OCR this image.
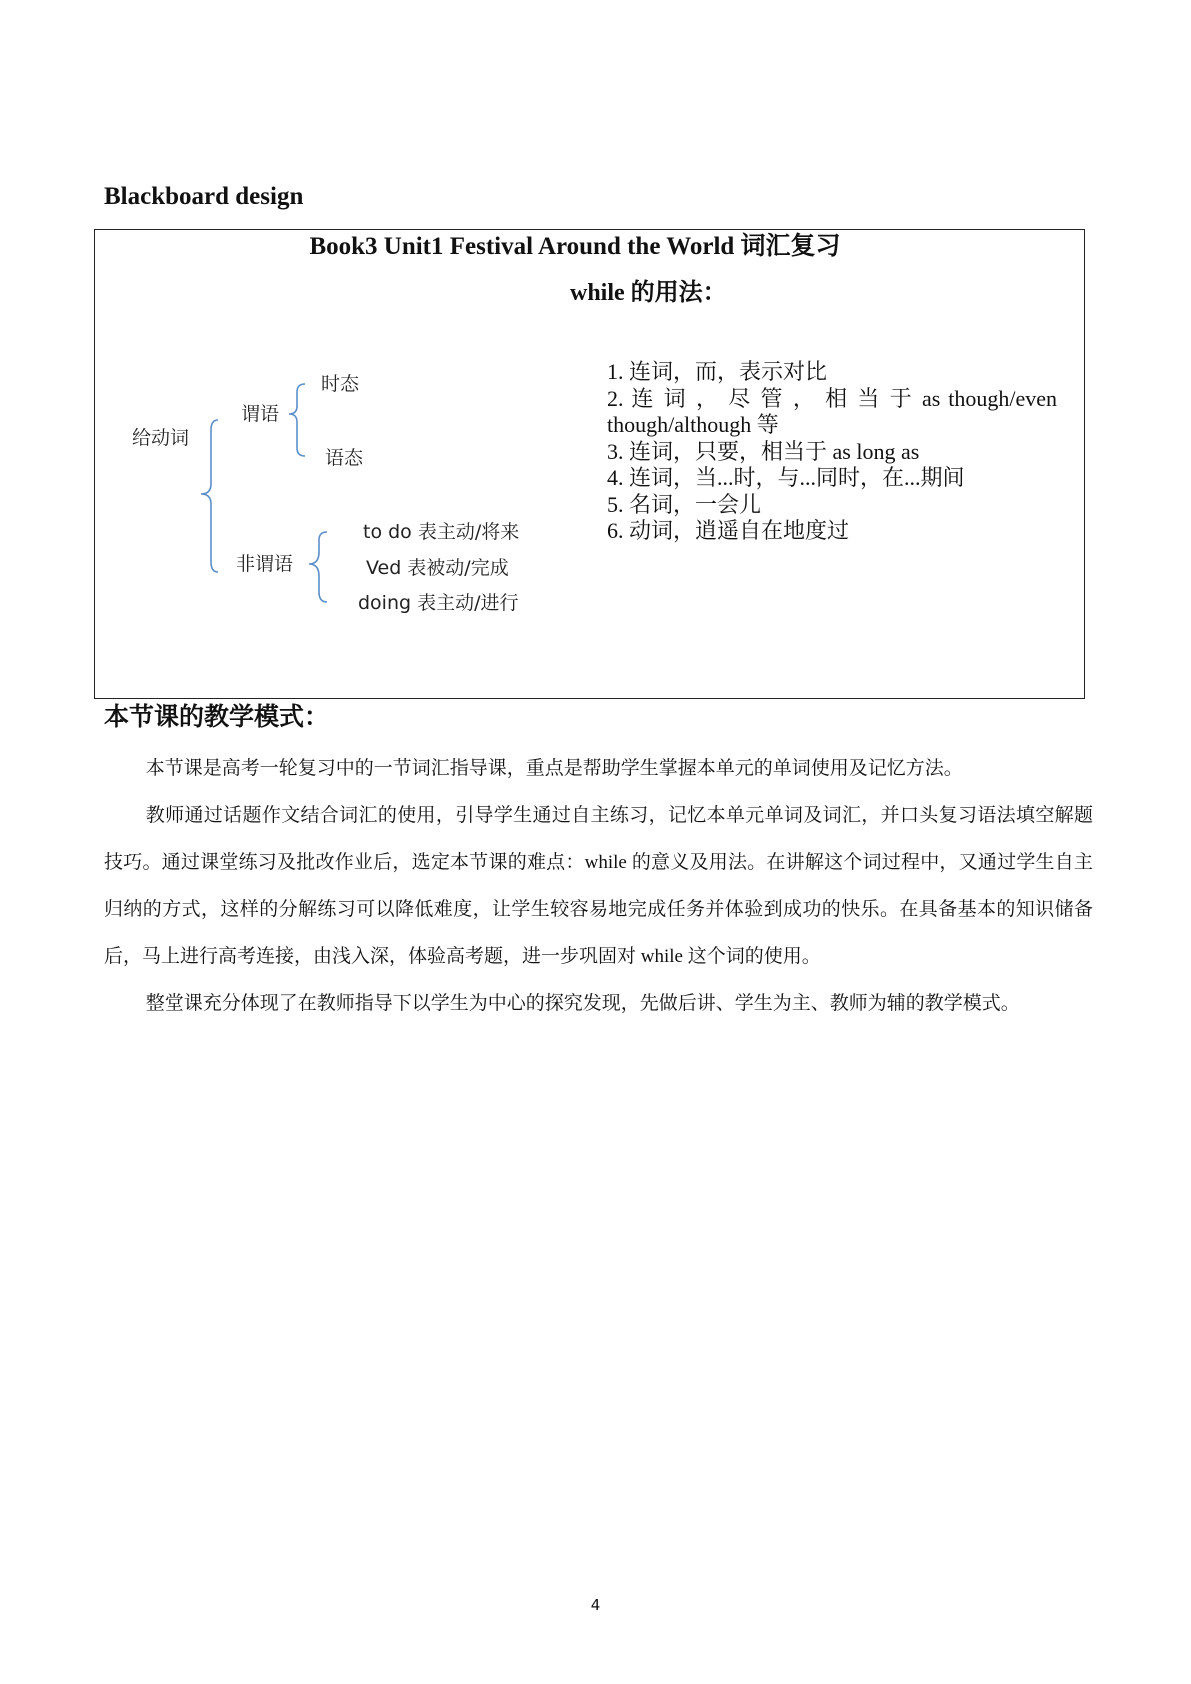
Blackboard design
Book3 Unit1 Festival Around the World 词汇复习
while 的用法：
给动词
谓语
时态
语态
非谓语
to do 表主动/将来
Ved 表被动/完成
doing 表主动/进行
1. 连词，而，表示对比
2. 连 词 ， 尽 管 ， 相 当 于 as though/even though/although 等
3. 连词，只要，相当于 as long as
4. 连词，当...时，与...同时，在...期间
5. 名词，一会儿
6. 动词，逍遥自在地度过
本节课的教学模式：

本节课是高考一轮复习中的一节词汇指导课，重点是帮助学生掌握本单元的单词使用及记忆方法。

教师通过话题作文结合词汇的使用，引导学生通过自主练习，记忆本单元单词及词汇，并口头复习语法填空解题技巧。通过课堂练习及批改作业后，选定本节课的难点：while 的意义及用法。在讲解这个词过程中，又通过学生自主归纳的方式，这样的分解练习可以降低难度，让学生较容易地完成任务并体验到成功的快乐。在具备基本的知识储备后，马上进行高考连接，由浅入深，体验高考题，进一步巩固对 while 这个词的使用。

整堂课充分体现了在教师指导下以学生为中心的探究发现，先做后讲、学生为主、教师为辅的教学模式。

4
